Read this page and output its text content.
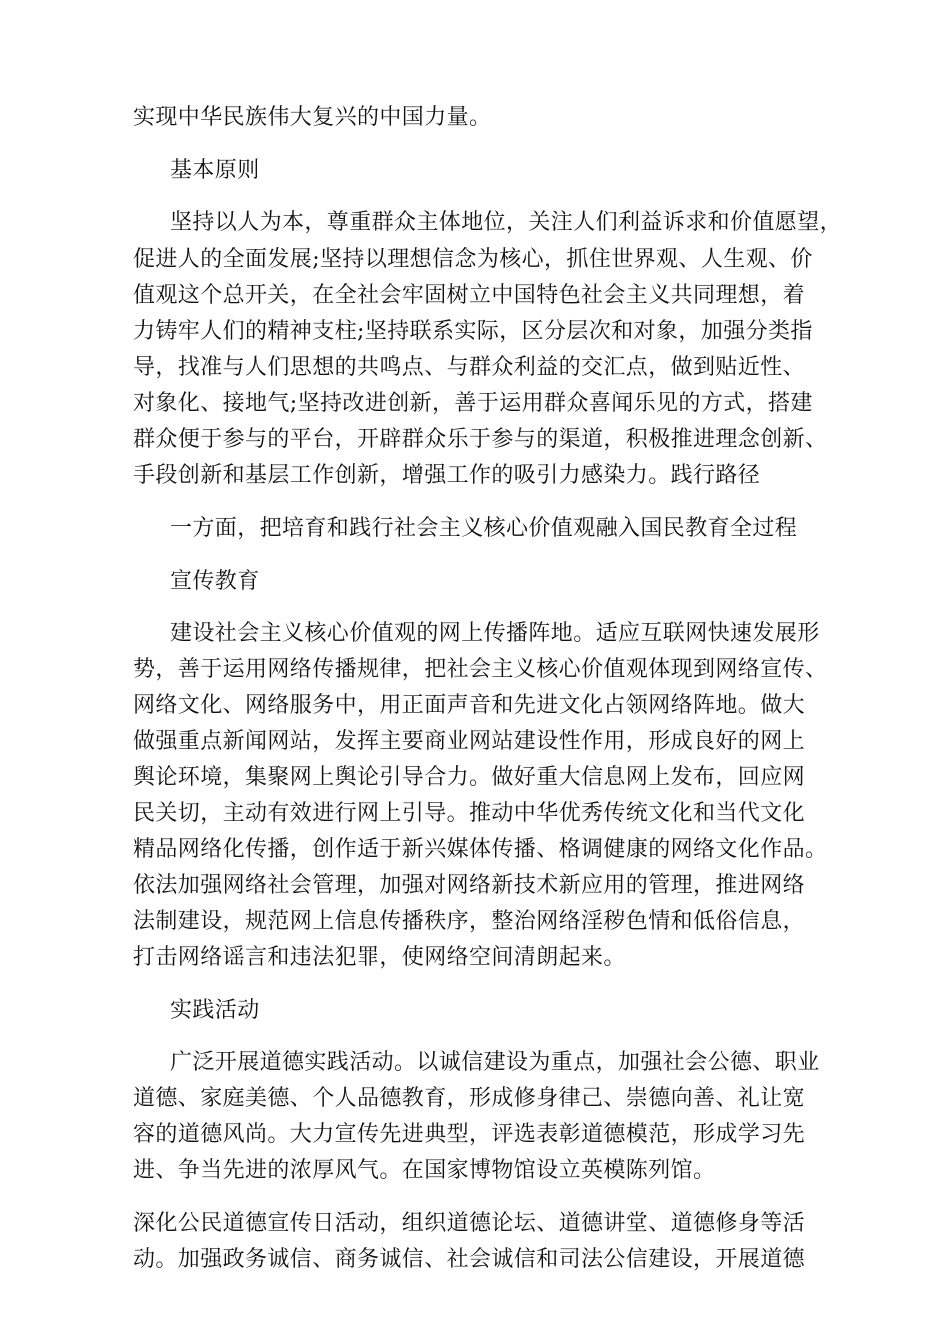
实现中华民族伟大复兴的中国力量。
基本原则
坚持以人为本，尊重群众主体地位，关注人们利益诉求和价值愿望，
促进人的全面发展;坚持以理想信念为核心，抓住世界观、人生观、价
值观这个总开关，在全社会牢固树立中国特色社会主义共同理想，着
力铸牢人们的精神支柱;坚持联系实际，区分层次和对象，加强分类指
导，找准与人们思想的共鸣点、与群众利益的交汇点，做到贴近性、
对象化、接地气;坚持改进创新，善于运用群众喜闻乐见的方式，搭建
群众便于参与的平台，开辟群众乐于参与的渠道，积极推进理念创新、
手段创新和基层工作创新，增强工作的吸引力感染力。践行路径
一方面，把培育和践行社会主义核心价值观融入国民教育全过程
宣传教育
建设社会主义核心价值观的网上传播阵地。适应互联网快速发展形
势，善于运用网络传播规律，把社会主义核心价值观体现到网络宣传、
网络文化、网络服务中，用正面声音和先进文化占领网络阵地。做大
做强重点新闻网站，发挥主要商业网站建设性作用，形成良好的网上
舆论环境，集聚网上舆论引导合力。做好重大信息网上发布，回应网
民关切，主动有效进行网上引导。推动中华优秀传统文化和当代文化
精品网络化传播，创作适于新兴媒体传播、格调健康的网络文化作品。
依法加强网络社会管理，加强对网络新技术新应用的管理，推进网络
法制建设，规范网上信息传播秩序，整治网络淫秽色情和低俗信息，
打击网络谣言和违法犯罪，使网络空间清朗起来。
实践活动
广泛开展道德实践活动。以诚信建设为重点，加强社会公德、职业
道德、家庭美德、个人品德教育，形成修身律己、崇德向善、礼让宽
容的道德风尚。大力宣传先进典型，评选表彰道德模范，形成学习先
进、争当先进的浓厚风气。在国家博物馆设立英模陈列馆。
深化公民道德宣传日活动，组织道德论坛、道德讲堂、道德修身等活
动。加强政务诚信、商务诚信、社会诚信和司法公信建设，开展道德
